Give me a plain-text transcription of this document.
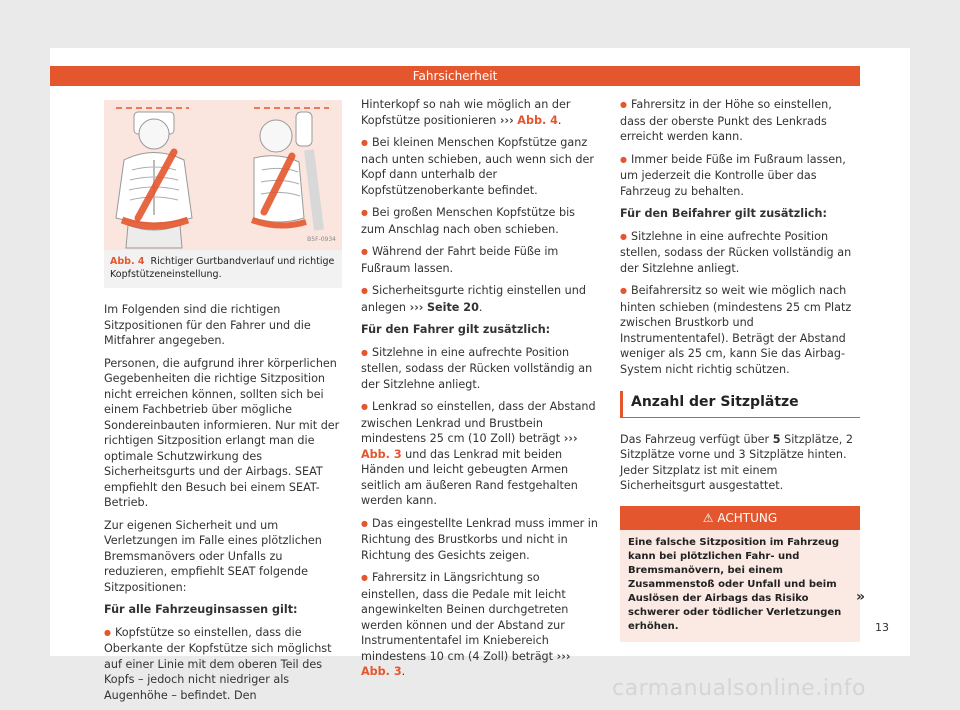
Fahrsicherheit
B5F-0934
Abb. 4 Richtiger Gurtbandverlauf und richtige Kopfstützeneinstellung.

Im Folgenden sind die richtigen Sitzpositionen für den Fahrer und die Mitfahrer angegeben.

Personen, die aufgrund ihrer körperlichen Gegebenheiten die richtige Sitzposition nicht erreichen können, sollten sich bei einem Fachbetrieb über mögliche Sondereinbauten informieren. Nur mit der richtigen Sitzposition erlangt man die optimale Schutzwirkung des Sicherheitsgurts und der Airbags. SEAT empfiehlt den Besuch bei einem SEAT-Betrieb.

Zur eigenen Sicherheit und um Verletzungen im Falle eines plötzlichen Bremsmanövers oder Unfalls zu reduzieren, empfiehlt SEAT folgende Sitzpositionen:

Für alle Fahrzeuginsassen gilt:

● Kopfstütze so einstellen, dass die Oberkante der Kopfstütze sich möglichst auf einer Linie mit dem oberen Teil des Kopfs – jedoch nicht niedriger als Augenhöhe – befindet. Den

Hinterkopf so nah wie möglich an der Kopfstütze positionieren ››› Abb. 4.

● Bei kleinen Menschen Kopfstütze ganz nach unten schieben, auch wenn sich der Kopf dann unterhalb der Kopfstützenoberkante befindet.

● Bei großen Menschen Kopfstütze bis zum Anschlag nach oben schieben.

● Während der Fahrt beide Füße im Fußraum lassen.

● Sicherheitsgurte richtig einstellen und anlegen ››› Seite 20.

Für den Fahrer gilt zusätzlich:

● Sitzlehne in eine aufrechte Position stellen, sodass der Rücken vollständig an der Sitzlehne anliegt.

● Lenkrad so einstellen, dass der Abstand zwischen Lenkrad und Brustbein mindestens 25 cm (10 Zoll) beträgt ››› Abb. 3 und das Lenkrad mit beiden Händen und leicht gebeugten Armen seitlich am äußeren Rand festgehalten werden kann.

● Das eingestellte Lenkrad muss immer in Richtung des Brustkorbs und nicht in Richtung des Gesichts zeigen.

● Fahrersitz in Längsrichtung so einstellen, dass die Pedale mit leicht angewinkelten Beinen durchgetreten werden können und der Abstand zur Instrumententafel im Kniebereich mindestens 10 cm (4 Zoll) beträgt ››› Abb. 3.

● Fahrersitz in der Höhe so einstellen, dass der oberste Punkt des Lenkrads erreicht werden kann.

● Immer beide Füße im Fußraum lassen, um jederzeit die Kontrolle über das Fahrzeug zu behalten.

Für den Beifahrer gilt zusätzlich:

● Sitzlehne in eine aufrechte Position stellen, sodass der Rücken vollständig an der Sitzlehne anliegt.

● Beifahrersitz so weit wie möglich nach hinten schieben (mindestens 25 cm Platz zwischen Brustkorb und Instrumententafel). Beträgt der Abstand weniger als 25 cm, kann Sie das Airbag-System nicht richtig schützen.

Anzahl der Sitzplätze

Das Fahrzeug verfügt über 5 Sitzplätze, 2 Sitzplätze vorne und 3 Sitzplätze hinten. Jeder Sitzplatz ist mit einem Sicherheitsgurt ausgestattet.

⚠ ACHTUNG
Eine falsche Sitzposition im Fahrzeug kann bei plötzlichen Fahr- und Bremsmanövern, bei einem Zusammenstoß oder Unfall und beim Auslösen der Airbags das Risiko schwerer oder tödlicher Verletzungen erhöhen.
»
13
carmanualsonline.info
